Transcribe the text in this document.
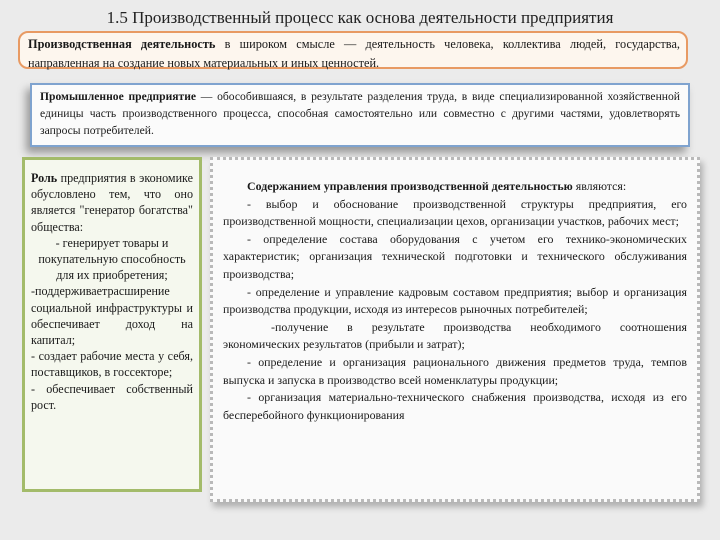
1.5 Производственный процесс как основа деятельности предприятия
Производственная деятельность в широком смысле — деятельность человека, коллектива людей, государства, направленная на создание новых материальных и иных ценностей.
Промышленное предприятие — обособившаяся, в результате разделения труда, в виде специализированной хозяйственной единицы часть производственного процесса, способная самостоятельно или совместно с другими частями, удовлетворять запросы потребителей.

Роль предприятия в экономике обусловлено тем, что оно является "генератор богатства" общества:

- генерирует товары и покупательную способность для их приобретения;

-поддерживаетрасширение социальной инфраструктуры и обеспечивает доход на капитал;

- создает рабочие места у себя, поставщиков, в госсекторе;

- обеспечивает собственный рост.

Содержанием управления производственной деятельностью являются:

- выбор и обоснование производственной структуры предприятия, его производственной мощности, специализации цехов, организации участков, рабочих мест;

- определение состава оборудования с учетом его технико-экономических характеристик; организация технической подготовки и технического обслуживания производства;

- определение и управление кадровым составом предприятия; выбор и организация производства продукции, исходя из интересов рыночных потребителей;

-получение в результате производства необходимого соотношения экономических результатов (прибыли и затрат);

- определение и организация рационального движения предметов труда, темпов выпуска и запуска в производство всей номенклатуры продукции;

- организация материально-технического снабжения производства, исходя из его бесперебойного функционирования
